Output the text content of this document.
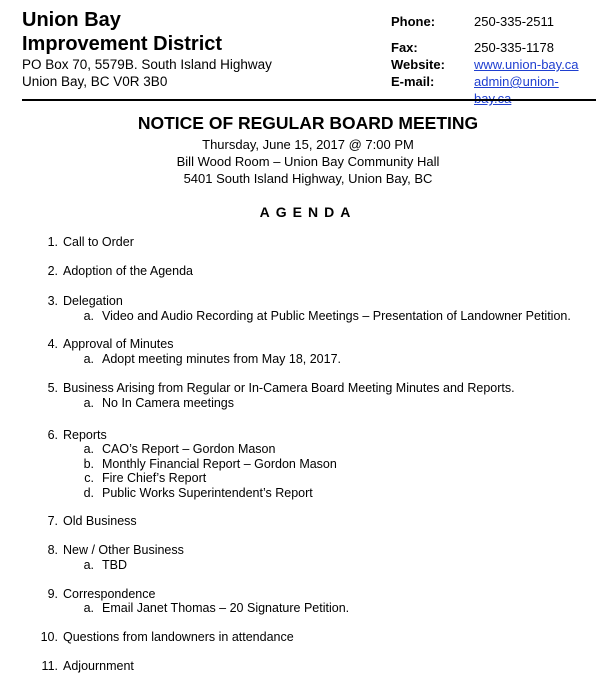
Union Bay
Improvement District
PO Box 70, 5579B. South Island Highway
Union Bay, BC V0R 3B0
Phone:	250-335-2511
Fax:	250-335-1178
Website: www.union-bay.ca
E-mail:	admin@union-bay.ca
NOTICE OF REGULAR BOARD MEETING
Thursday, June 15, 2017 @ 7:00 PM
Bill Wood Room – Union Bay Community Hall
5401 South Island Highway, Union Bay, BC
AGENDA
1. Call to Order
2. Adoption of the Agenda
3. Delegation
a. Video and Audio Recording at Public Meetings – Presentation of Landowner Petition.
4. Approval of Minutes
a. Adopt meeting minutes from May 18, 2017.
5. Business Arising from Regular or In-Camera Board Meeting Minutes and Reports.
a. No In Camera meetings
6. Reports
a. CAO’s Report – Gordon Mason
b. Monthly Financial Report – Gordon Mason
c. Fire Chief’s Report
d. Public Works Superintendent’s Report
7. Old Business
8. New / Other Business
a. TBD
9. Correspondence
a. Email Janet Thomas – 20 Signature Petition.
10. Questions from landowners in attendance
11. Adjournment
